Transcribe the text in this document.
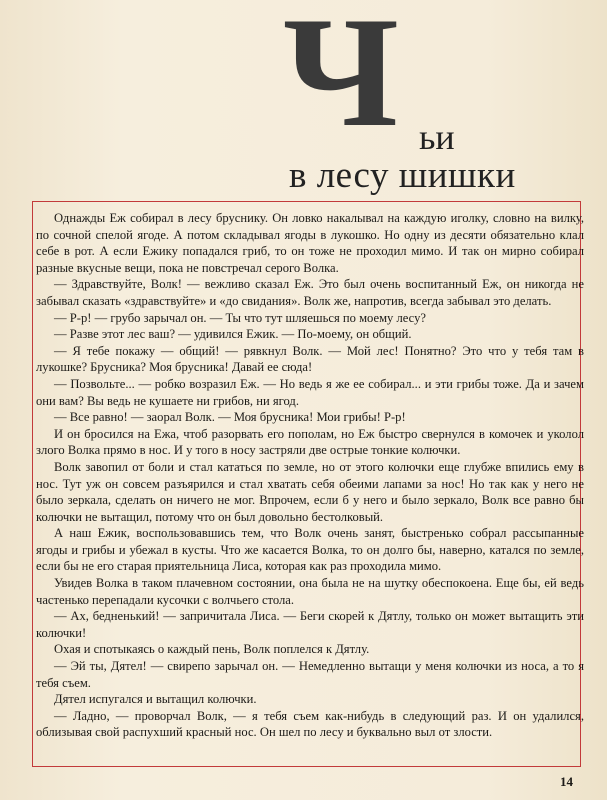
Ч ьи
в лесу шишки

Однажды Еж собирал в лесу бруснику. Он ловко накалывал на каждую иголку, словно на вилку, по сочной спелой ягоде. А потом складывал ягоды в лукошко. Но одну из десяти обязательно клал себе в рот. А если Ежику попадался гриб, то он тоже не проходил мимо. И так он мирно собирал разные вкусные вещи, пока не повстречал серого Волка.

— Здравствуйте, Волк! — вежливо сказал Еж. Это был очень воспитанный Еж, он никогда не забывал сказать «здравствуйте» и «до свидания». Волк же, напротив, всегда забывал это делать.

— Р-р! — грубо зарычал он. — Ты что тут шляешься по моему лесу?

— Разве этот лес ваш? — удивился Ежик. — По-моему, он общий.

— Я тебе покажу — общий! — рявкнул Волк. — Мой лес! Понятно? Это что у тебя там в лукошке? Брусника? Моя брусника! Давай ее сюда!

— Позвольте... — робко возразил Еж. — Но ведь я же ее собирал... и эти грибы тоже. Да и зачем они вам? Вы ведь не кушаете ни грибов, ни ягод.

— Все равно! — заорал Волк. — Моя брусника! Мои грибы! Р-р!

И он бросился на Ежа, чтоб разорвать его пополам, но Еж быстро свернулся в комочек и уколол злого Волка прямо в нос. И у того в носу застряли две острые тонкие колючки.

Волк завопил от боли и стал кататься по земле, но от этого колючки еще глубже впились ему в нос. Тут уж он совсем разъярился и стал хватать себя обеими лапами за нос! Но так как у него не было зеркала, сделать он ничего не мог. Впрочем, если б у него и было зеркало, Волк все равно бы колючки не вытащил, потому что он был довольно бестолковый.

А наш Ежик, воспользовавшись тем, что Волк очень занят, быстренько собрал рассыпанные ягоды и грибы и убежал в кусты. Что же касается Волка, то он долго бы, наверно, катался по земле, если бы не его старая приятельница Лиса, которая как раз проходила мимо.

Увидев Волка в таком плачевном состоянии, она была не на шутку обеспокоена. Еще бы, ей ведь частенько перепадали кусочки с волчьего стола.

— Ах, бедненький! — запричитала Лиса. — Беги скорей к Дятлу, только он может вытащить эти колючки!

Охая и спотыкаясь о каждый пень, Волк поплелся к Дятлу.

— Эй ты, Дятел! — свирепо зарычал он. — Немедленно вытащи у меня колючки из носа, а то я тебя съем.

Дятел испугался и вытащил колючки.

— Ладно, — проворчал Волк, — я тебя съем как-нибудь в следующий раз. И он удалился, облизывая свой распухший красный нос. Он шел по лесу и буквально выл от злости.

14
